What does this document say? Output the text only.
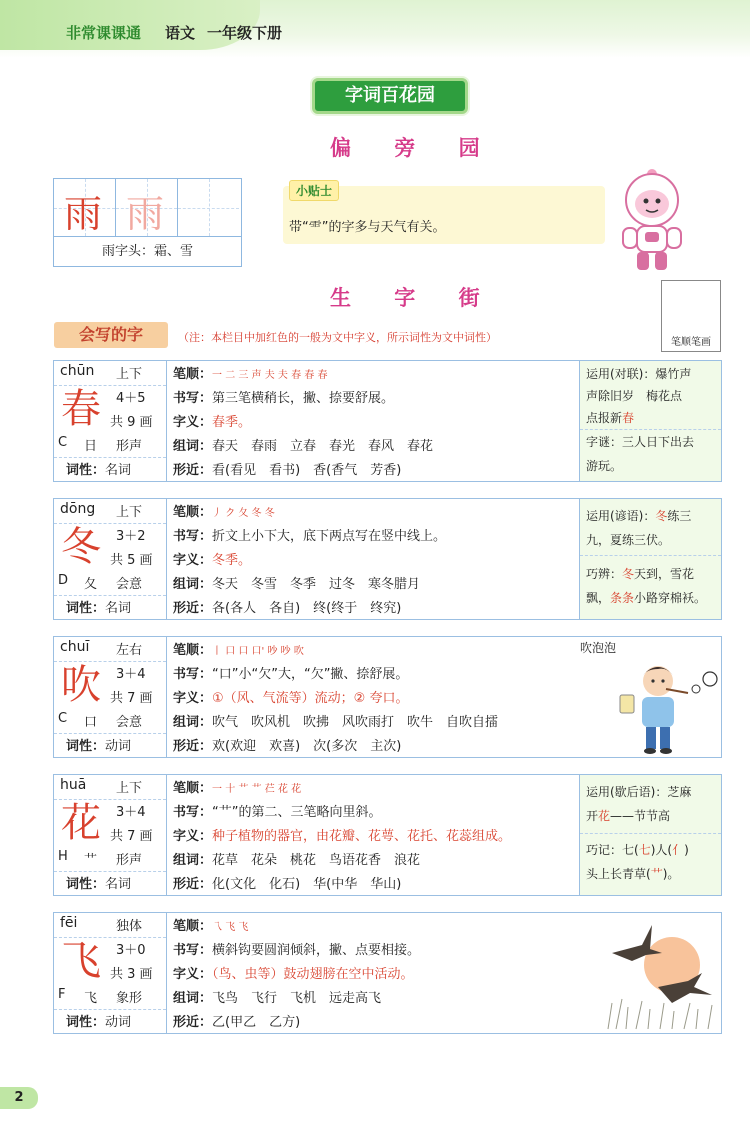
非常课课通 语文 一年级下册
字词百花园
偏 旁 园
雨 雨
雨字头：霜、雪
小贴士
带“⻗”的字多与天气有关。
生 字 街
笔顺笔画
会写的字	（注：本栏目中加红色的一般为文中字义，所示词性为文中词性）
chūn 上下
春	4＋5
共 9 画
C 日 形声
词性：名词
笔顺：一 二 三 声 夫 夫 春 春 春
书写：第三笔横稍长，撇、捺要舒展。
字义：春季。
组词：春天　春雨　立春　春光　春风　春花
形近：看(看见　看书)　香(香气　芳香)
运用(对联)：爆竹声
声除旧岁　梅花点
点报新春
字谜：三人日下出去
游玩。
dōng 上下
冬	3＋2
共 5 画
D 夂 会意
词性：名词
笔顺：丿 ク 夂 冬 冬
书写：折文上小下大，底下两点写在竖中线上。
字义：冬季。
组词：冬天　冬雪　冬季　过冬　寒冬腊月
形近：各(各人　各自)　终(终于　终究)
运用(谚语)：冬练三
九，夏练三伏。
巧辨：冬天到，雪花
飘，条条小路穿棉袄。
chuī 左右
吹	3＋4
共 7 画
C 口 会意
词性：动词
笔顺：丨 口 口 口' 吵 吵 吹
书写：“口”小“欠”大，“欠”撇、捺舒展。
字义：①（风、气流等）流动；② 夸口。
组词：吹气　吹风机　吹拂　风吹雨打　吹牛　自吹自擂
形近：欢(欢迎　欢喜)　次(多次　主次)
吹泡泡
huā 上下
花	3＋4
共 7 画
H 艹 形声
词性：名词
笔顺：一 十 艹 艹 芢 花 花
书写：“艹”的第二、三笔略向里斜。
字义：种子植物的器官，由花瓣、花萼、花托、花蕊组成。
组词：花草　花朵　桃花　鸟语花香　浪花
形近：化(文化　化石)　华(中华　华山)
运用(歇后语)：芝麻
开花——节节高
巧记：七(七)人(亻)
头上长青草(艹)。
fēi	独体
飞	3＋0
共 3 画
F 飞 象形
词性：动词
笔顺：乁 飞 飞
书写：横斜钩要圆润倾斜，撇、点要相接。
字义：（鸟、虫等）鼓动翅膀在空中活动。
组词：飞鸟　飞行　飞机　远走高飞
形近：乙(甲乙　乙方)
2
